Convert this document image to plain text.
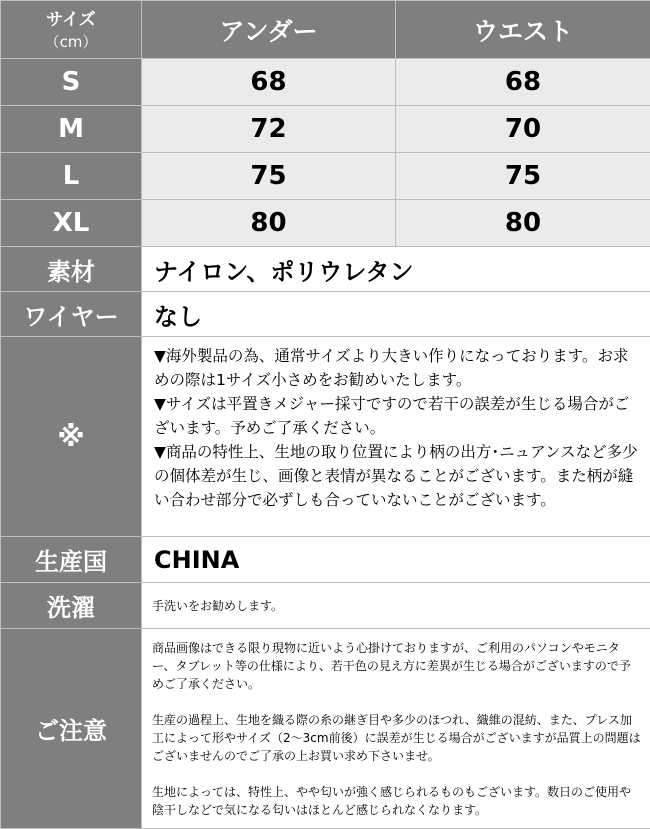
サイズ
（cm）	アンダー	ウエスト
S	68	68
M	72	70
L	75	75
XL	80	80
素材	ナイロン、ポリウレタン	
ワイヤー	なし	
※	▼海外製品の為、通常サイズより大きい作りになっております。お求めの際は1サイズ小さめをお勧めいたします。
▼サイズは平置きメジャー採寸ですので若干の誤差が生じる場合がございます。予めご了承ください。
▼商品の特性上、生地の取り位置により柄の出方･ニュアンスなど多少の個体差が生じ、画像と表情が異なることがございます。また柄が縫い合わせ部分で必ずしも合っていないことがございます。	

生産国	CHINA	
洗濯	手洗いをお勧めします。	
ご注意	商品画像はできる限り現物に近いよう心掛けておりますが、ご利用のパソコンやモニター、タブレット等の仕様により、若干色の見え方に差異が生じる場合がございますので予めご了承ください。

生産の過程上、生地を織る際の糸の継ぎ目や多少のほつれ、織維の混紡、また、プレス加工によって形やサイズ（2～3cm前後）に誤差が生じる場合がございますが品質上の問題はございませんのでご了承の上お買い求め下さいませ。

生地によっては、特性上、やや匂いが強く感じられるものもございます。数日のご使用や陰干しなどで気になる匂いはほとんど感じられなくなります。	
